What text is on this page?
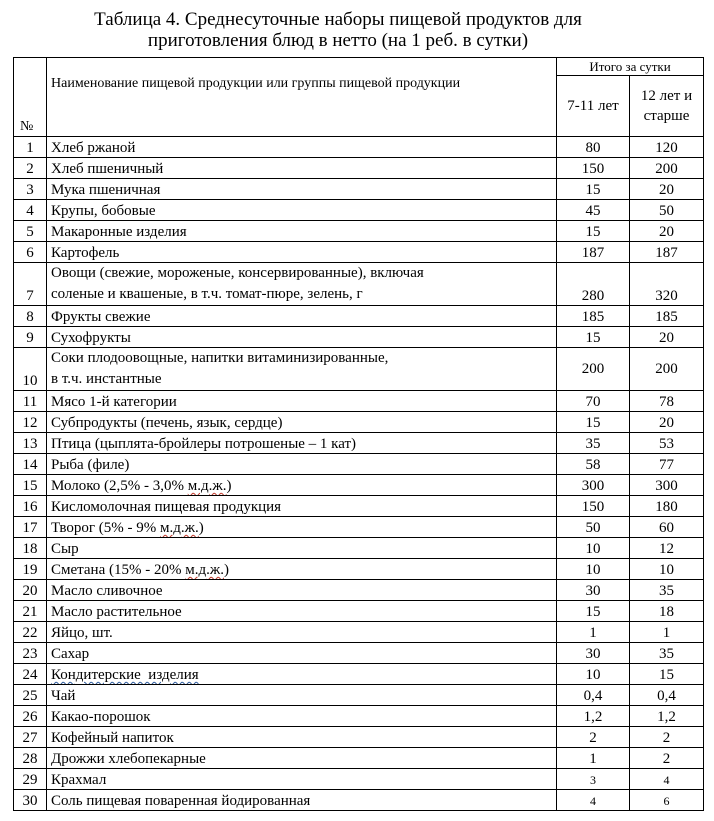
Таблица 4. Среднесуточные наборы пищевой продуктов для
приготовления блюд в нетто (на 1 реб. в сутки)
№	Наименование пищевой продукции или группы пищевой продукции	Итого за сутки	
		7-11 лет	12 лет и старше
1	Хлеб ржаной	80	120
2	Хлеб пшеничный	150	200
3	Мука пшеничная	15	20
4	Крупы, бобовые	45	50
5	Макаронные изделия	15	20
6	Картофель	187	187
7	Овощи (свежие, мороженые, консервированные), включая
соленые и квашеные, в т.ч. томат-пюре, зелень, г	280	320
8	Фрукты свежие	185	185
9	Сухофрукты	15	20
10	Соки плодоовощные, напитки витаминизированные,
в т.ч. инстантные	200	200
11	Мясо 1-й категории	70	78
12	Субпродукты (печень, язык, сердце)	15	20
13	Птица (цыплята-бройлеры потрошеные – 1 кат)	35	53
14	Рыба (филе)	58	77
15	Молоко (2,5% - 3,0% м.д.ж.)	300	300
16	Кисломолочная пищевая продукция	150	180
17	Творог (5% - 9% м.д.ж.)	50	60
18	Сыр	10	12
19	Сметана (15% - 20% м.д.ж.)	10	10
20	Масло сливочное	30	35
21	Масло растительное	15	18
22	Яйцо, шт.	1	1
23	Сахар	30	35
24	Кондитерские  изделия	10	15
25	Чай	0,4	0,4
26	Какао-порошок	1,2	1,2
27	Кофейный напиток	2	2
28	Дрожжи хлебопекарные	1	2
29	Крахмал	3	4
30	Соль пищевая поваренная йодированная	4	6
